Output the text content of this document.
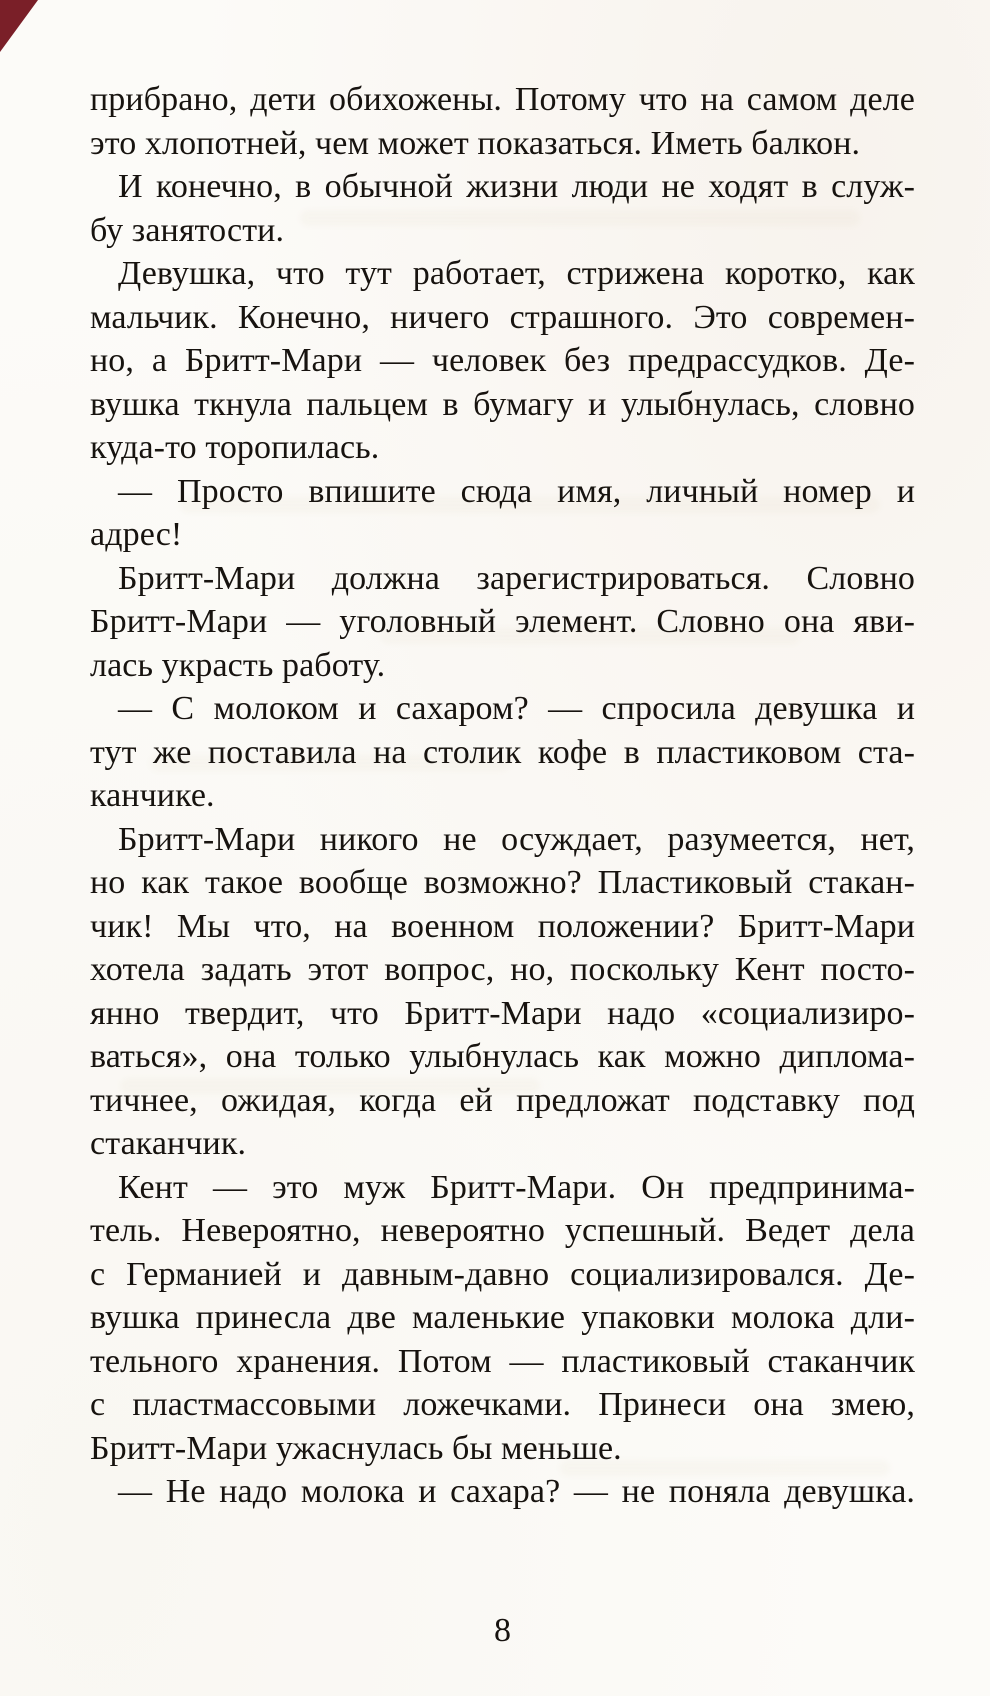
прибрано, дети обихожены. Потому что на самом деле
это хлопотней, чем может показаться. Иметь балкон.
И конечно, в обычной жизни люди не ходят в служ-
бу занятости.
Девушка, что тут работает, стрижена коротко, как
мальчик. Конечно, ничего страшного. Это современ-
но, а Бритт-Мари — человек без предрассудков. Де-
вушка ткнула пальцем в бумагу и улыбнулась, словно
куда-то торопилась.
— Просто впишите сюда имя, личный номер и
адрес!
Бритт-Мари должна зарегистрироваться. Словно
Бритт-Мари — уголовный элемент. Словно она яви-
лась украсть работу.
— С молоком и сахаром? — спросила девушка и
тут же поставила на столик кофе в пластиковом ста-
канчике.
Бритт-Мари никого не осуждает, разумеется, нет,
но как такое вообще возможно? Пластиковый стакан-
чик! Мы что, на военном положении? Бритт-Мари
хотела задать этот вопрос, но, поскольку Кент посто-
янно твердит, что Бритт-Мари надо «социализиро-
ваться», она только улыбнулась как можно диплома-
тичнее, ожидая, когда ей предложат подставку под
стаканчик.
Кент — это муж Бритт-Мари. Он предпринима-
тель. Невероятно, невероятно успешный. Ведет дела
с Германией и давным-давно социализировался. Де-
вушка принесла две маленькие упаковки молока дли-
тельного хранения. Потом — пластиковый стаканчик
с пластмассовыми ложечками. Принеси она змею,
Бритт-Мари ужаснулась бы меньше.
— Не надо молока и сахара? — не поняла девушка.
8
